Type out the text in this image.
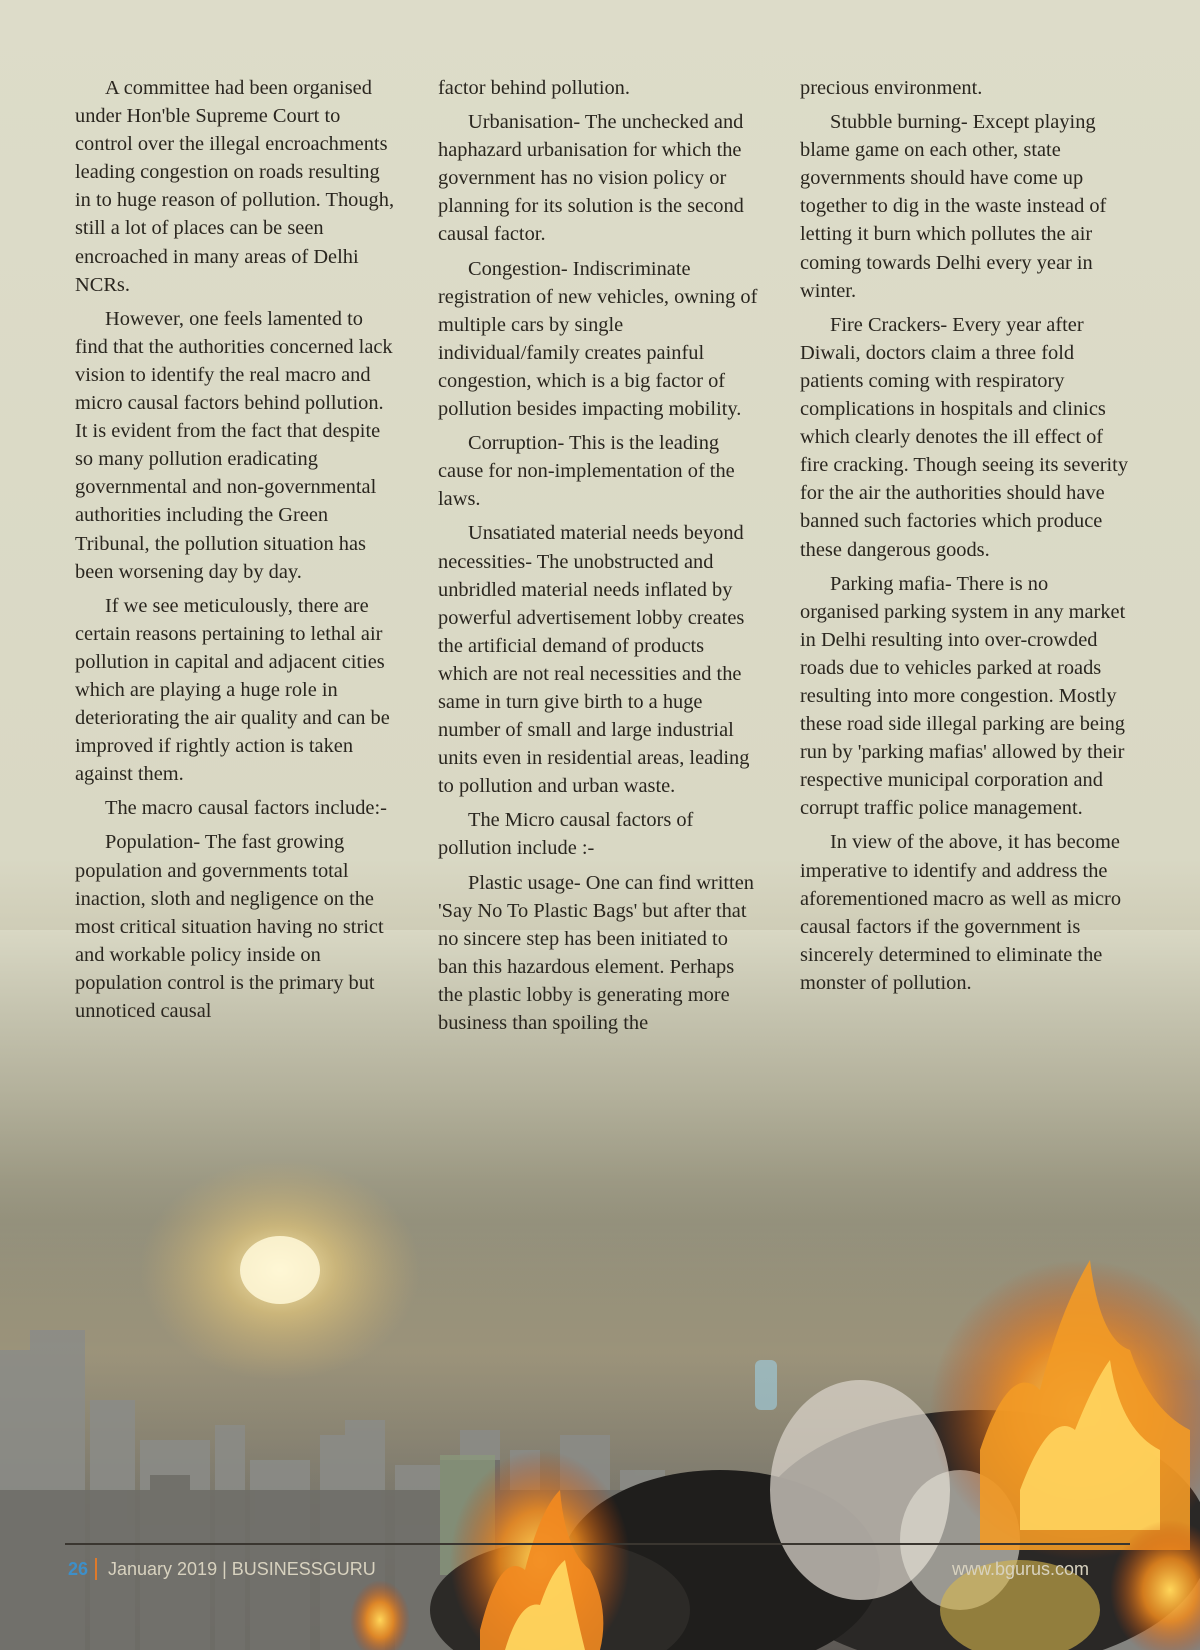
A committee had been organised under Hon'ble Supreme Court to control over the illegal encroachments leading congestion on roads resulting in to huge reason of pollution. Though, still a lot of places can be seen encroached in many areas of Delhi NCRs.

However, one feels lamented to find that the authorities concerned lack vision to identify the real macro and micro causal factors behind pollution. It is evident from the fact that despite so many pollution eradicating governmental and non-governmental authorities including the Green Tribunal, the pollution situation has been worsening day by day.

If we see meticulously, there are certain reasons pertaining to lethal air pollution in capital and adjacent cities which are playing a huge role in deteriorating the air quality and can be improved if rightly action is taken against them.

The macro causal factors include:-

Population- The fast growing population and governments total inaction, sloth and negligence on the most critical situation having no strict and workable policy inside on population control is the primary but unnoticed causal

factor behind pollution.

Urbanisation- The unchecked and haphazard urbanisation for which the government has no vision policy or planning for its solution is the second causal factor.

Congestion- Indiscriminate registration of new vehicles, owning of multiple cars by single individual/family creates painful congestion, which is a big factor of pollution besides impacting mobility.

Corruption- This is the leading cause for non-implementation of the laws.

Unsatiated material needs beyond necessities- The unobstructed and unbridled material needs inflated by powerful advertisement lobby creates the artificial demand of products which are not real necessities and the same in turn give birth to a huge number of small and large industrial units even in residential areas, leading to pollution and urban waste.

The Micro causal factors of pollution include :-

Plastic usage- One can find written 'Say No To Plastic Bags' but after that no sincere step has been initiated to ban this hazardous element. Perhaps the plastic lobby is generating more business than spoiling the

precious environment.

Stubble burning- Except playing blame game on each other, state governments should have come up together to dig in the waste instead of letting it burn which pollutes the air coming towards Delhi every year in winter.

Fire Crackers- Every year after Diwali, doctors claim a three fold patients coming with respiratory complications in hospitals and clinics which clearly denotes the ill effect of fire cracking. Though seeing its severity for the air the authorities should have banned such factories which produce these dangerous goods.

Parking mafia- There is no organised parking system in any market in Delhi resulting into over-crowded roads due to vehicles parked at roads resulting into more congestion. Mostly these road side illegal parking are being run by 'parking mafias' allowed by their respective municipal corporation and corrupt traffic police management.

In view of the above, it has become imperative to identify and address the aforementioned macro as well as micro causal factors if the government is sincerely determined to eliminate the monster of pollution.

26 January 2019 | BUSINESSGURU	www.bgurus.com
